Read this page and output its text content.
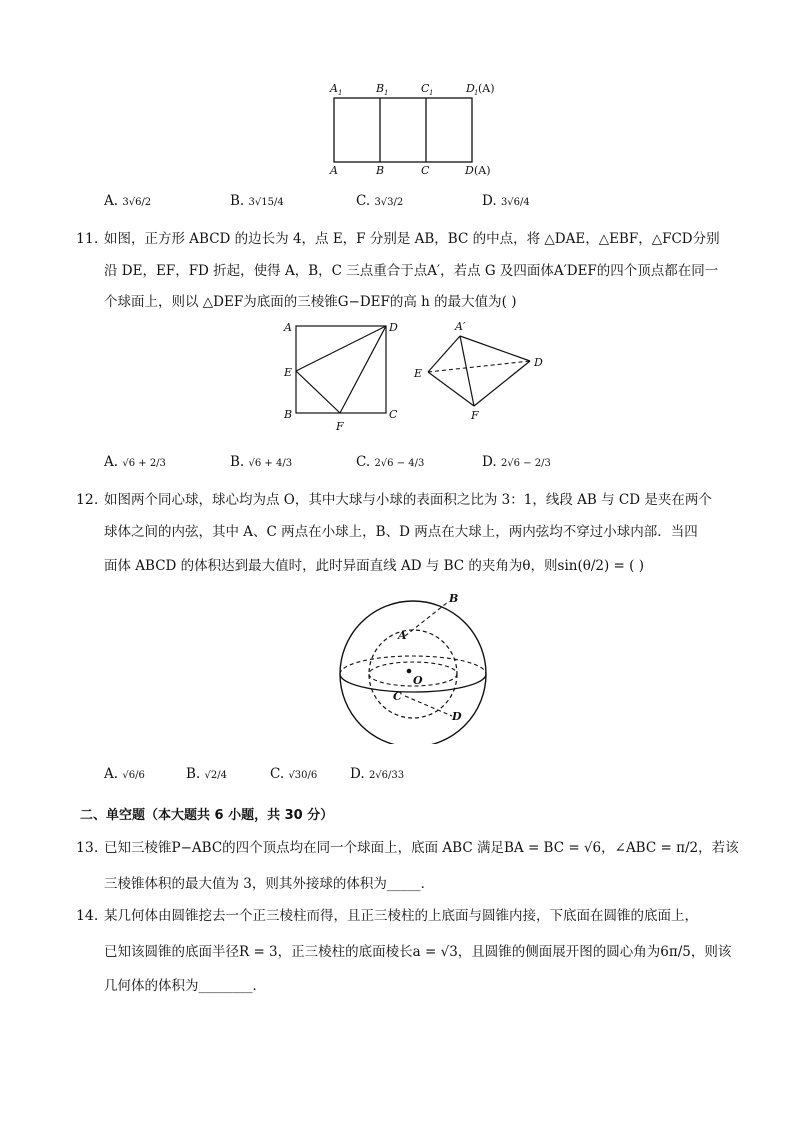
A 1	B 1	C 1	D 1 (A)
A	B	C	D (A)
A. 3√6/2	B. 3√15/4	C. 3√3/2	D. 3√6/4
11. 如图，正方形 ABCD 的边长为 4，点 E，F 分别是 AB，BC 的中点，将 △DAE，△EBF，△FCD分别
沿 DE，EF，FD 折起，使得 A，B，C 三点重合于点A′，若点 G 及四面体A′DEF的四个顶点都在同一
个球面上，则以 △DEF为底面的三棱锥G−DEF的高 h 的最大值为( )
A	D
E
B
F
C
A′
D
E
F
A. √6 + 2/3	B. √6 + 4/3	C. 2√6 − 4/3	D. 2√6 − 2/3
12. 如图两个同心球，球心均为点 O，其中大球与小球的表面积之比为 3：1，线段 AB 与 CD 是夹在两个
球体之间的内弦，其中 A、C 两点在小球上，B、D 两点在大球上，两内弦均不穿过小球内部．当四
面体 ABCD 的体积达到最大值时，此时异面直线 AD 与 BC 的夹角为θ，则sin(θ/2) = ( )
B
A
O
C
D
A. √6/6	B. √2/4	C. √30/6 D. 2√6/33
二、单空题（本大题共 6 小题，共 30 分）
13. 已知三棱锥P−ABC的四个顶点均在同一个球面上，底面 ABC 满足BA = BC = √6，∠ABC = π/2，若该
三棱锥体积的最大值为 3，则其外接球的体积为_____．
14. 某几何体由圆锥挖去一个正三棱柱而得，且正三棱柱的上底面与圆锥内接，下底面在圆锥的底面上，
已知该圆锥的底面半径R = 3，正三棱柱的底面棱长a = √3，且圆锥的侧面展开图的圆心角为6π/5，则该
几何体的体积为________．
